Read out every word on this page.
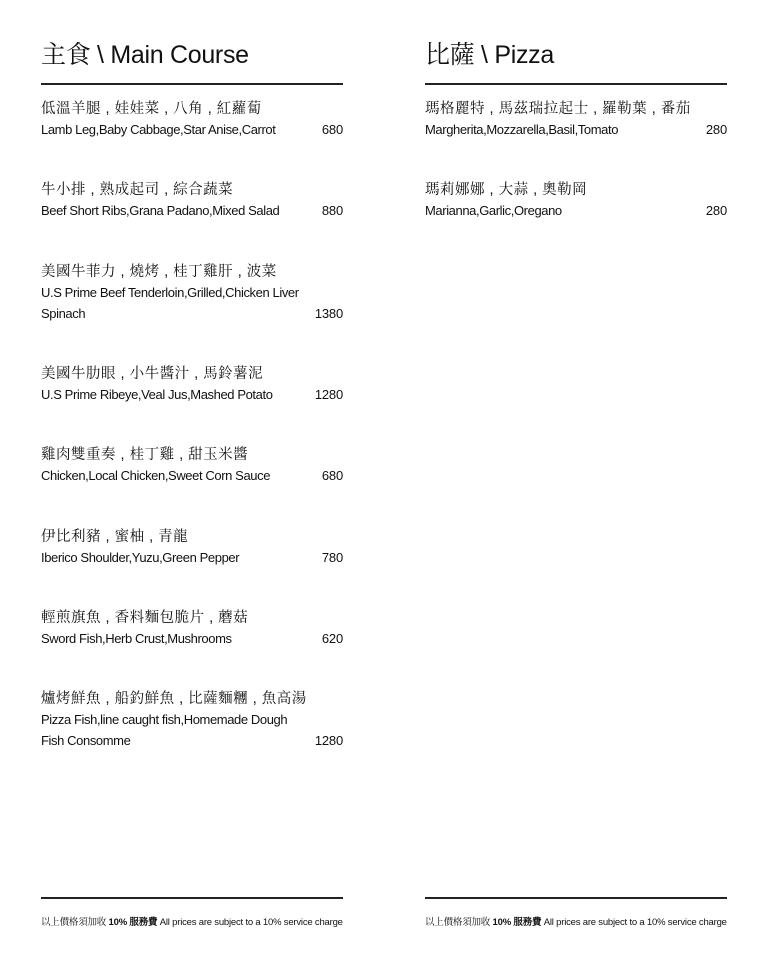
主食 \ Main Course
低溫羊腿 , 娃娃菜 , 八角 , 紅蘿蔔
Lamb Leg,Baby Cabbage,Star Anise,Carrot	680
牛小排 , 熟成起司 , 綜合蔬菜
Beef Short Ribs,Grana Padano,Mixed Salad	880
美國牛菲力 , 燒烤 , 桂丁雞肝 , 波菜
U.S Prime Beef Tenderloin,Grilled,Chicken Liver
Spinach	1380
美國牛肋眼 , 小牛醬汁 , 馬鈴薯泥
U.S Prime Ribeye,Veal Jus,Mashed Potato	1280
雞肉雙重奏 , 桂丁雞 , 甜玉米醬
Chicken,Local Chicken,Sweet Corn Sauce	680
伊比利豬 , 蜜柚 , 青龍
Iberico Shoulder,Yuzu,Green Pepper	780
輕煎旗魚 , 香料麵包脆片 , 蘑菇
Sword Fish,Herb Crust,Mushrooms	620
爐烤鮮魚 , 船釣鮮魚 , 比薩麵糰 , 魚高湯
Pizza Fish,line caught fish,Homemade Dough
Fish Consomme	1280
以上價格須加收 10% 服務費 All prices are subject to a 10% service charge
比薩 \ Pizza
瑪格麗特 , 馬茲瑞拉起士 , 羅勒葉 , 番茄
Margherita,Mozzarella,Basil,Tomato	280
瑪莉娜娜 , 大蒜 , 奧勒岡
Marianna,Garlic,Oregano	280
以上價格須加收 10% 服務費 All prices are subject to a 10% service charge
